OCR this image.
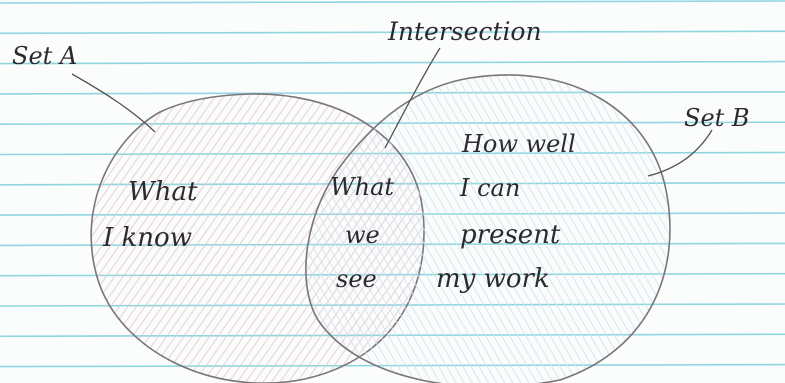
Set A
Intersection
Set B
What
I know
What
we
see
How well
I can
present
my work
